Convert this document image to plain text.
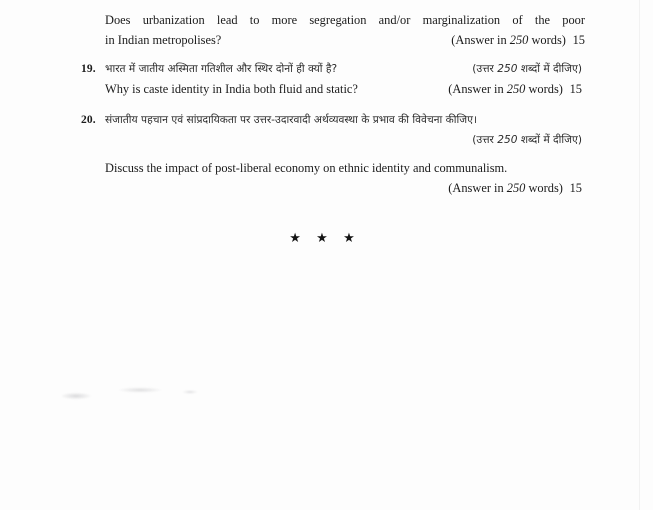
Does urbanization lead to more segregation and/or marginalization of the poor
in Indian metropolises?	(Answer in 250 words) 15
19. भारत में जातीय अस्मिता गतिशील और स्थिर दोनों ही क्यों है?	(उत्तर 250 शब्दों में दीजिए)
Why is caste identity in India both fluid and static?	(Answer in 250 words) 15
20. संजातीय पहचान एवं सांप्रदायिकता पर उत्तर-उदारवादी अर्थव्यवस्था के प्रभाव की विवेचना कीजिए।
(उत्तर 250 शब्दों में दीजिए)
Discuss the impact of post-liberal economy on ethnic identity and communalism.
(Answer in 250 words) 15
★ ★ ★
